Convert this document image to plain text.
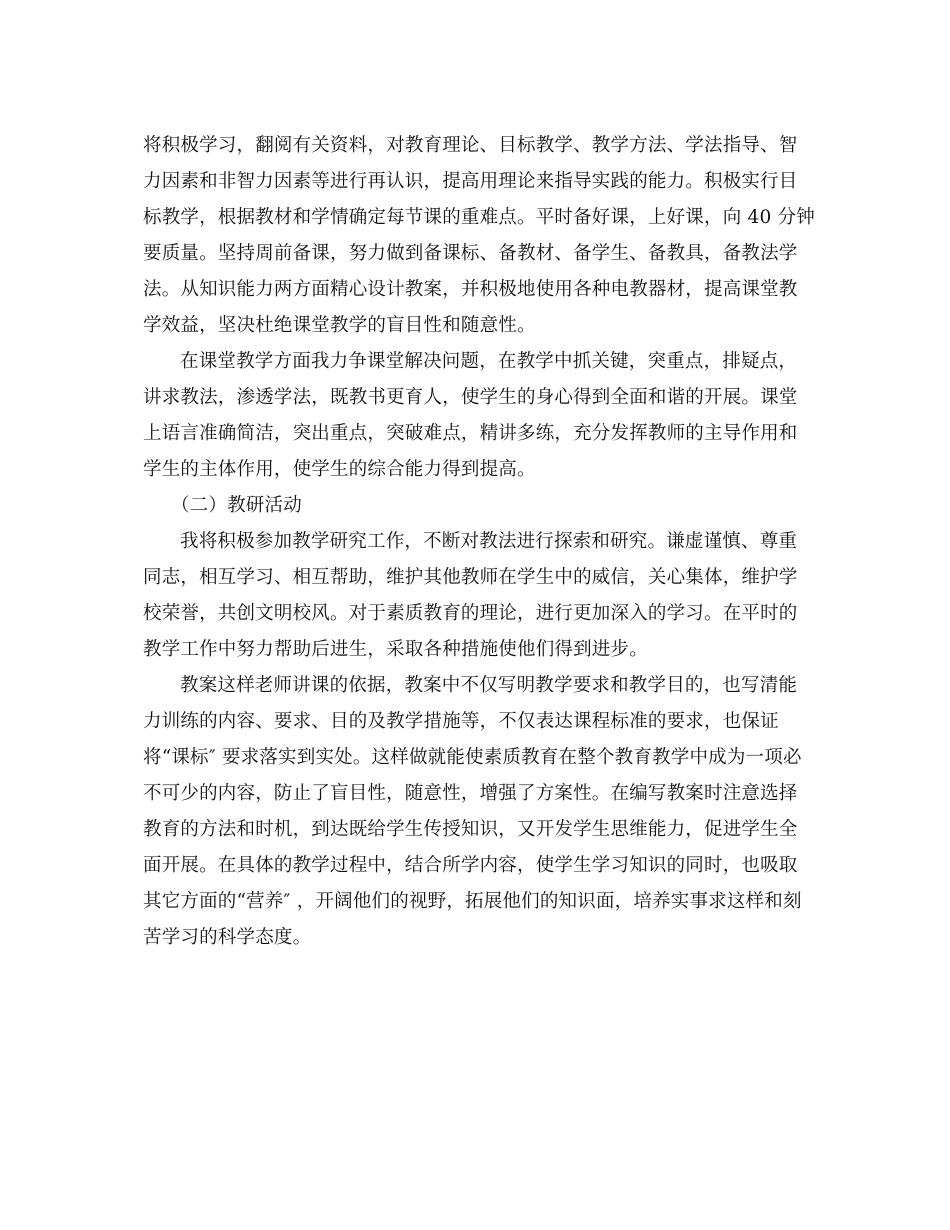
将积极学习，翻阅有关资料，对教育理论、目标教学、教学方法、学法指导、智
力因素和非智力因素等进行再认识，提高用理论来指导实践的能力。积极实行目
标教学，根据教材和学情确定每节课的重难点。平时备好课，上好课，向 40 分钟
要质量。坚持周前备课，努力做到备课标、备教材、备学生、备教具，备教法学
法。从知识能力两方面精心设计教案，并积极地使用各种电教器材，提高课堂教
学效益，坚决杜绝课堂教学的盲目性和随意性。
在课堂教学方面我力争课堂解决问题，在教学中抓关键，突重点，排疑点，
讲求教法，渗透学法，既教书更育人，使学生的身心得到全面和谐的开展。课堂
上语言准确简洁，突出重点，突破难点，精讲多练，充分发挥教师的主导作用和
学生的主体作用，使学生的综合能力得到提高。
（二）教研活动
我将积极参加教学研究工作，不断对教法进行探索和研究。谦虚谨慎、尊重
同志，相互学习、相互帮助，维护其他教师在学生中的威信，关心集体，维护学
校荣誉，共创文明校风。对于素质教育的理论，进行更加深入的学习。在平时的
教学工作中努力帮助后进生，采取各种措施使他们得到进步。
教案这样老师讲课的依据，教案中不仅写明教学要求和教学目的，也写清能
力训练的内容、要求、目的及教学措施等，不仅表达课程标准的要求，也保证
将“课标″ 要求落实到实处。这样做就能使素质教育在整个教育教学中成为一项必
不可少的内容，防止了盲目性，随意性，增强了方案性。在编写教案时注意选择
教育的方法和时机，到达既给学生传授知识，又开发学生思维能力，促进学生全
面开展。在具体的教学过程中，结合所学内容，使学生学习知识的同时，也吸取
其它方面的“营养″ ，开阔他们的视野，拓展他们的知识面，培养实事求这样和刻
苦学习的科学态度。
